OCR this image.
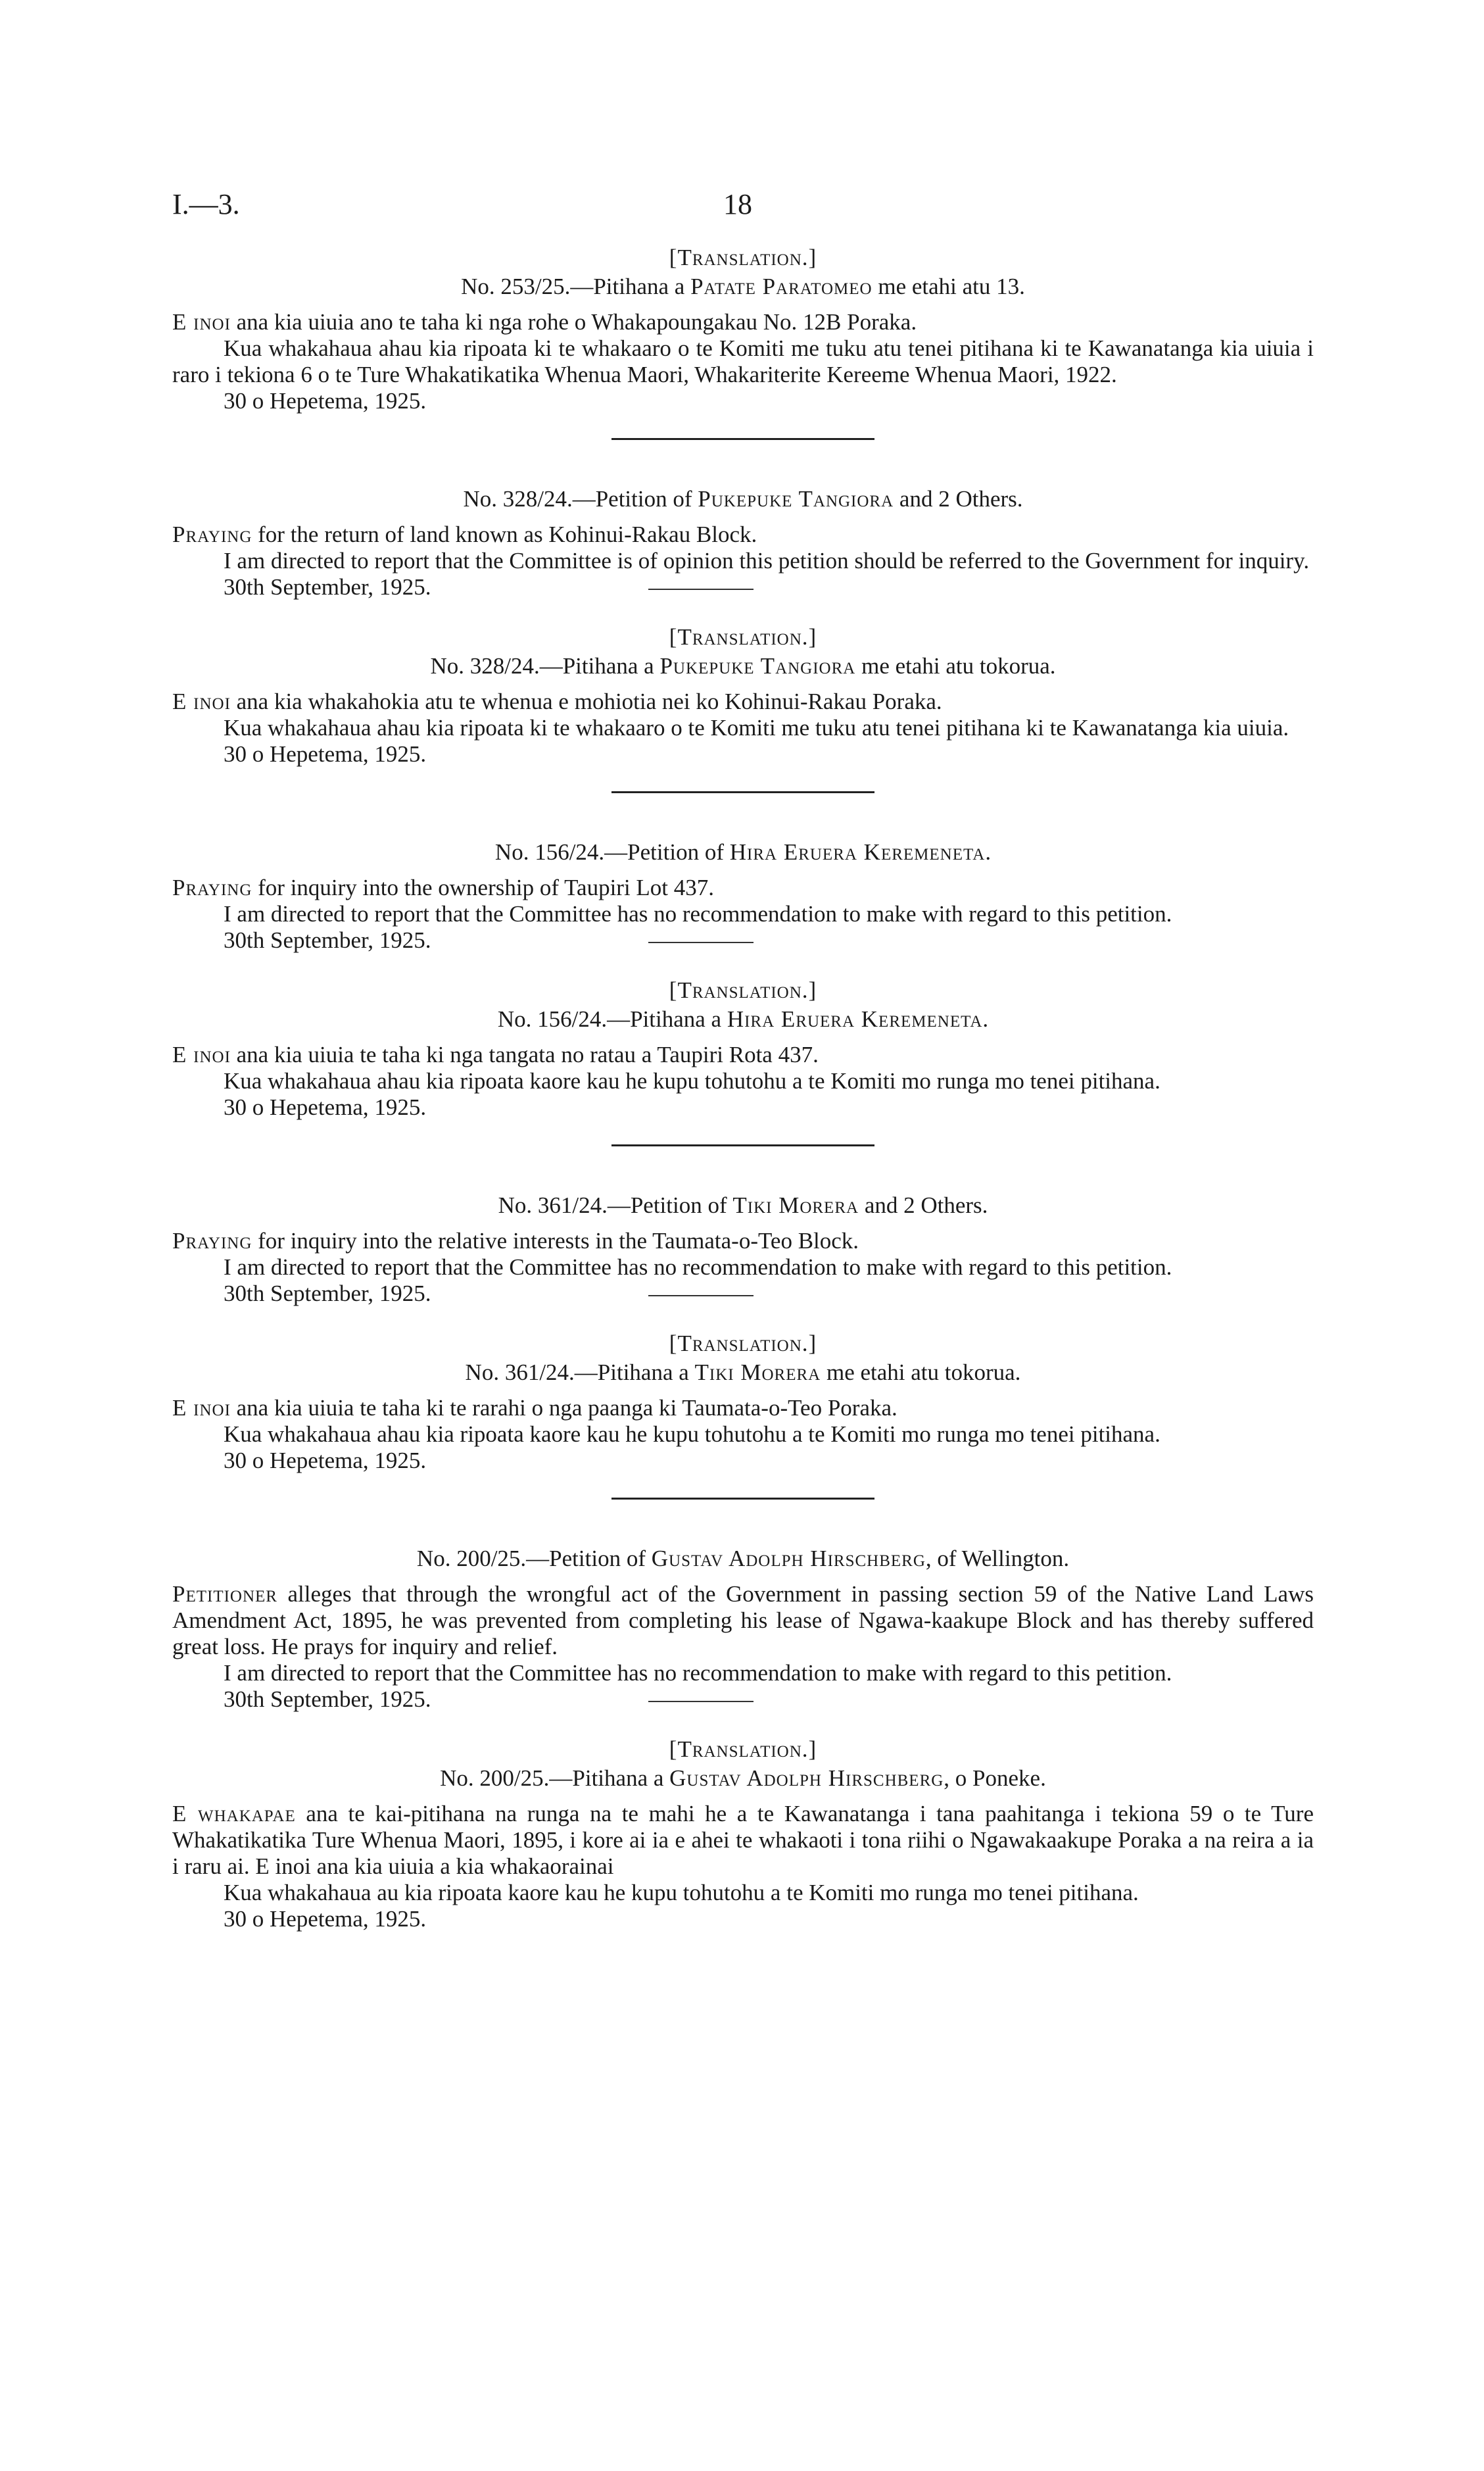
I.—3.	18

[Translation.]

No. 253/25.—Pitihana a Patate Paratomeo me etahi atu 13.

E inoi ana kia uiuia ano te taha ki nga rohe o Whakapoungakau No. 12B Poraka.

Kua whakahaua ahau kia ripoata ki te whakaaro o te Komiti me tuku atu tenei pitihana ki te Kawanatanga kia uiuia i raro i tekiona 6 o te Ture Whakatikatika Whenua Maori, Whakariterite Kereeme Whenua Maori, 1922.

30 o Hepetema, 1925.

No. 328/24.—Petition of Pukepuke Tangiora and 2 Others.

Praying for the return of land known as Kohinui-Rakau Block.

I am directed to report that the Committee is of opinion this petition should be referred to the Government for inquiry.

30th September, 1925.

[Translation.]

No. 328/24.—Pitihana a Pukepuke Tangiora me etahi atu tokorua.

E inoi ana kia whakahokia atu te whenua e mohiotia nei ko Kohinui-Rakau Poraka.

Kua whakahaua ahau kia ripoata ki te whakaaro o te Komiti me tuku atu tenei pitihana ki te Kawanatanga kia uiuia.

30 o Hepetema, 1925.

No. 156/24.—Petition of Hira Eruera Keremeneta.

Praying for inquiry into the ownership of Taupiri Lot 437.

I am directed to report that the Committee has no recommendation to make with regard to this petition.

30th September, 1925.

[Translation.]

No. 156/24.—Pitihana a Hira Eruera Keremeneta.

E inoi ana kia uiuia te taha ki nga tangata no ratau a Taupiri Rota 437.

Kua whakahaua ahau kia ripoata kaore kau he kupu tohutohu a te Komiti mo runga mo tenei pitihana.

30 o Hepetema, 1925.

No. 361/24.—Petition of Tiki Morera and 2 Others.

Praying for inquiry into the relative interests in the Taumata-o-Teo Block.

I am directed to report that the Committee has no recommendation to make with regard to this petition.

30th September, 1925.

[Translation.]

No. 361/24.—Pitihana a Tiki Morera me etahi atu tokorua.

E inoi ana kia uiuia te taha ki te rarahi o nga paanga ki Taumata-o-Teo Poraka.

Kua whakahaua ahau kia ripoata kaore kau he kupu tohutohu a te Komiti mo runga mo tenei pitihana.

30 o Hepetema, 1925.

No. 200/25.—Petition of Gustav Adolph Hirschberg, of Wellington.

Petitioner alleges that through the wrongful act of the Government in passing section 59 of the Native Land Laws Amendment Act, 1895, he was prevented from completing his lease of Ngawa-kaakupe Block and has thereby suffered great loss. He prays for inquiry and relief.

I am directed to report that the Committee has no recommendation to make with regard to this petition.

30th September, 1925.

[Translation.]

No. 200/25.—Pitihana a Gustav Adolph Hirschberg, o Poneke.

E whakapae ana te kai-pitihana na runga na te mahi he a te Kawanatanga i tana paahitanga i tekiona 59 o te Ture Whakatikatika Ture Whenua Maori, 1895, i kore ai ia e ahei te whakaoti i tona riihi o Ngawakaakupe Poraka a na reira a ia i raru ai. E inoi ana kia uiuia a kia whakaorainai

Kua whakahaua au kia ripoata kaore kau he kupu tohutohu a te Komiti mo runga mo tenei pitihana.

30 o Hepetema, 1925.
